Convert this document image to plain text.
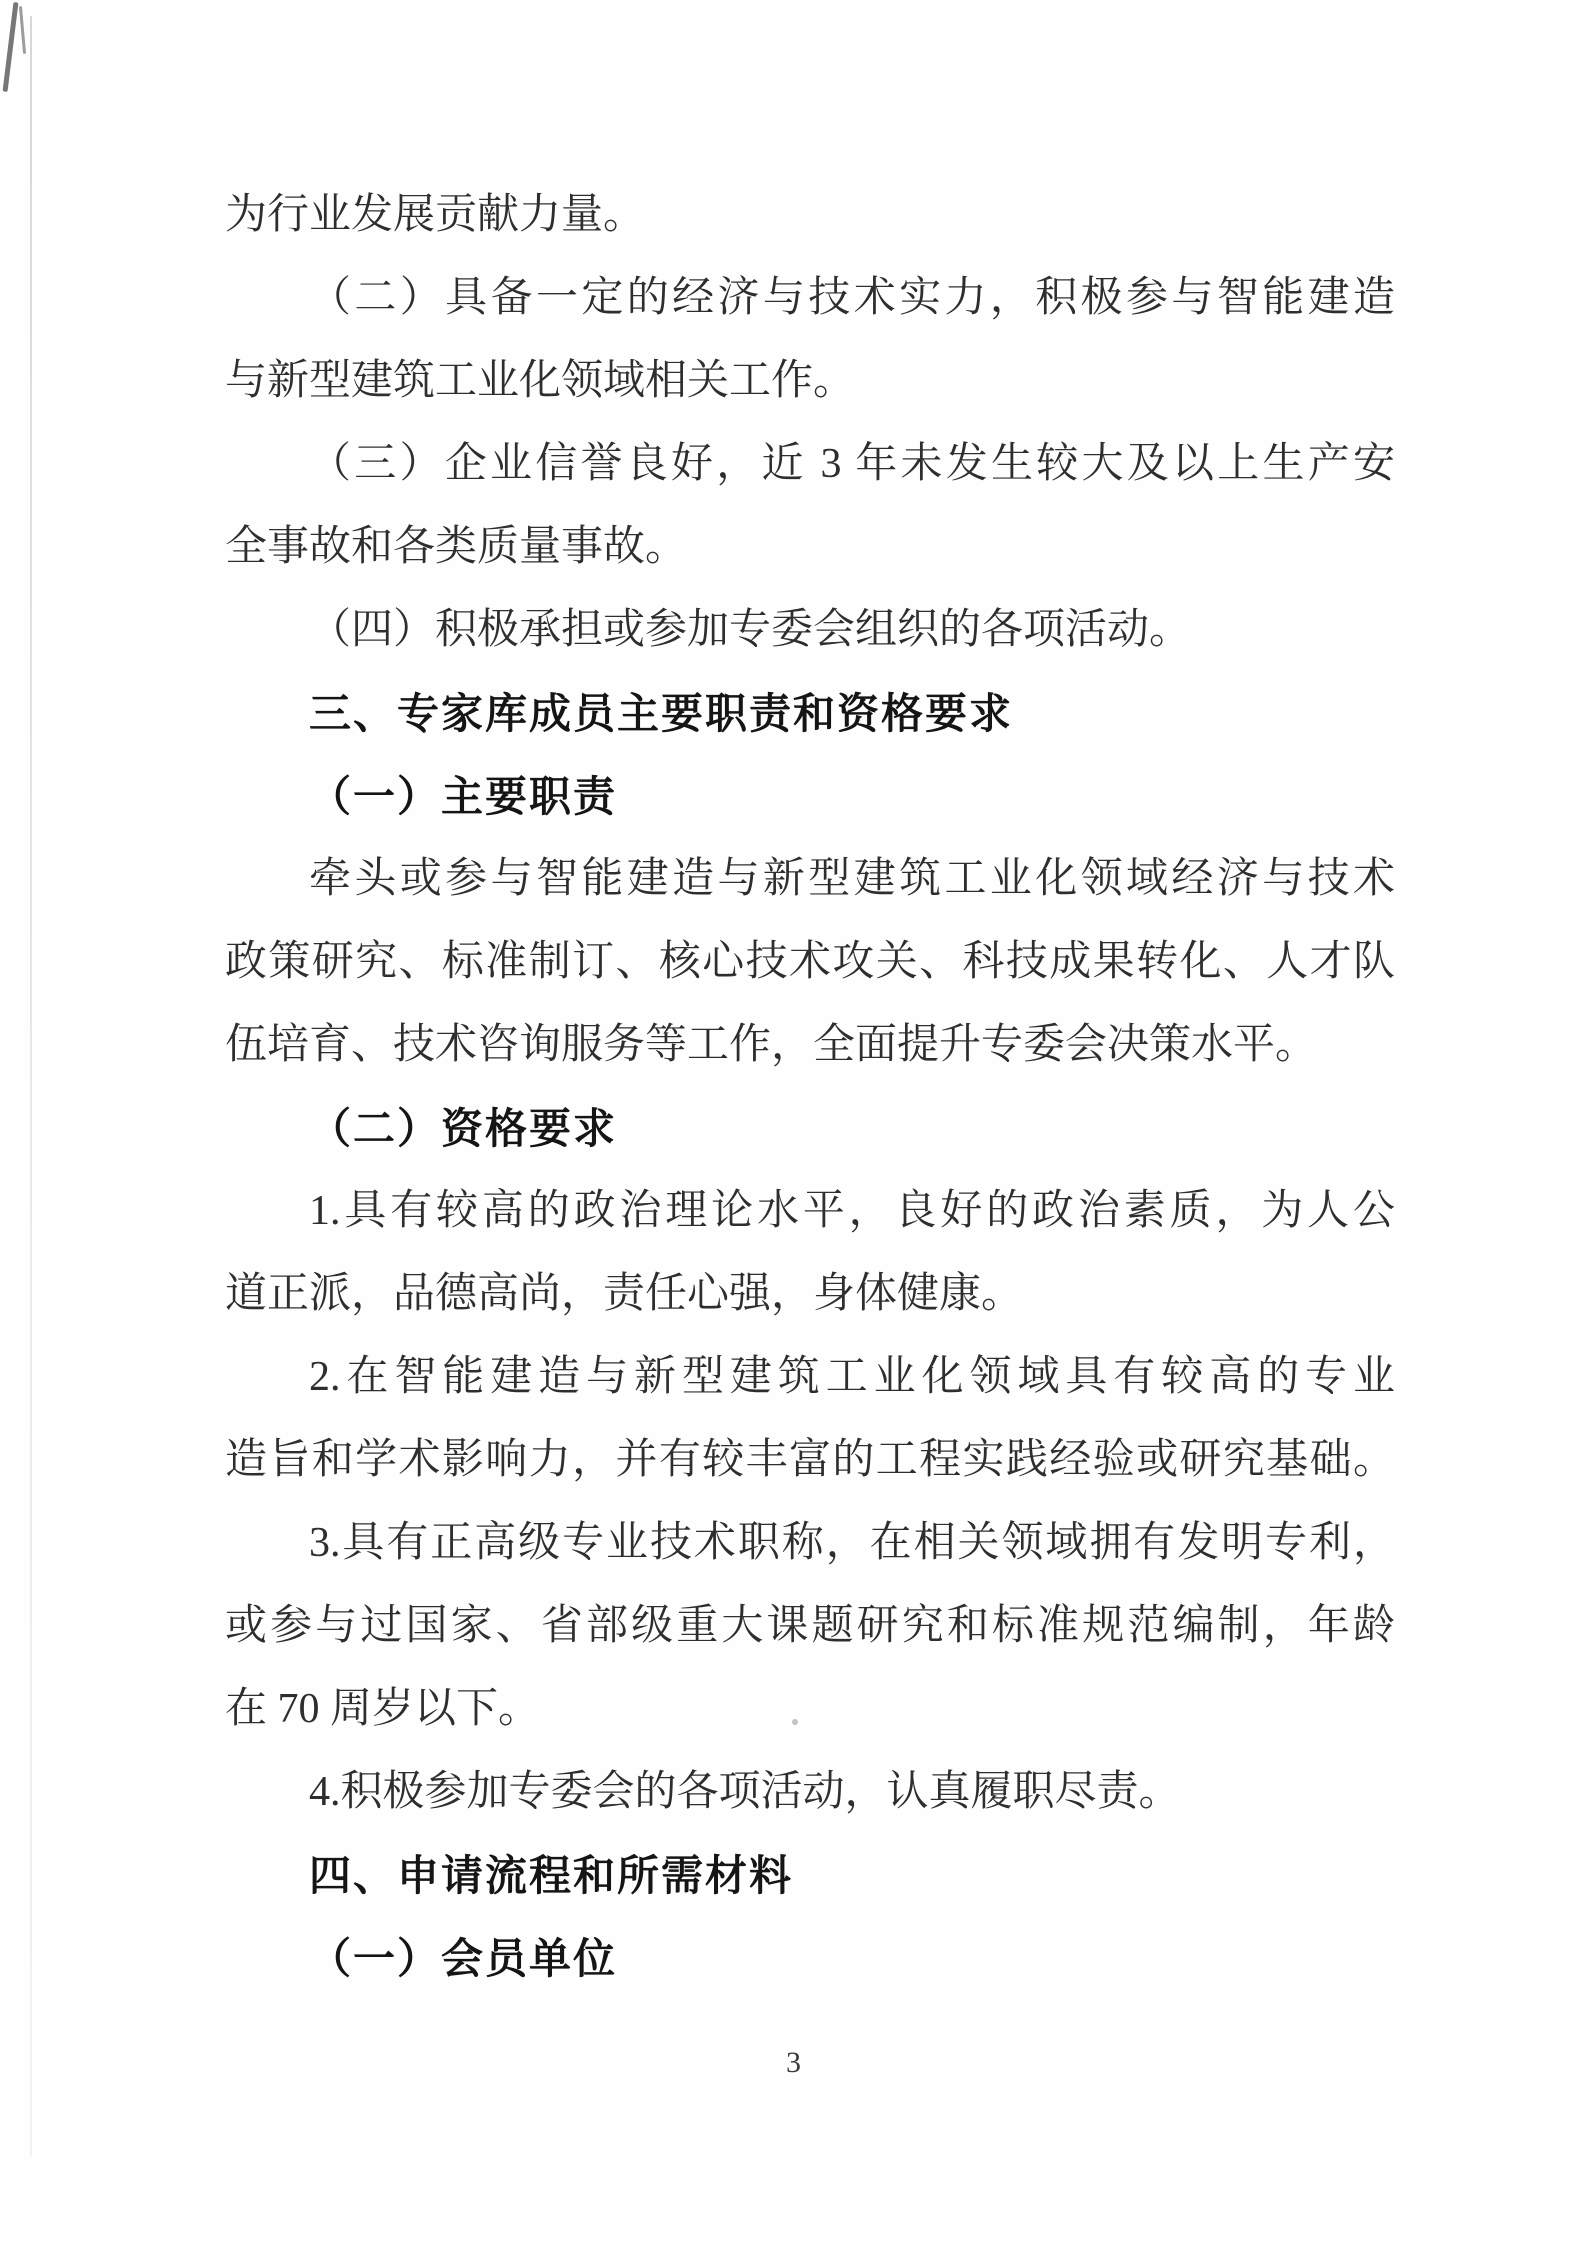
为行业发展贡献力量。
（二）具备一定的经济与技术实力，积极参与智能建造
与新型建筑工业化领域相关工作。
（三）企业信誉良好，近 3 年未发生较大及以上生产安
全事故和各类质量事故。
（四）积极承担或参加专委会组织的各项活动。
三、专家库成员主要职责和资格要求
（一）主要职责
牵头或参与智能建造与新型建筑工业化领域经济与技术
政策研究、标准制订、核心技术攻关、科技成果转化、人才队
伍培育、技术咨询服务等工作，全面提升专委会决策水平。
（二）资格要求
1.具有较高的政治理论水平，良好的政治素质，为人公
道正派，品德高尚，责任心强，身体健康。
2.在智能建造与新型建筑工业化领域具有较高的专业
造旨和学术影响力，并有较丰富的工程实践经验或研究基础。
3.具有正高级专业技术职称，在相关领域拥有发明专利，
或参与过国家、省部级重大课题研究和标准规范编制，年龄
在 70 周岁以下。
4.积极参加专委会的各项活动，认真履职尽责。
四、申请流程和所需材料
（一）会员单位
3
